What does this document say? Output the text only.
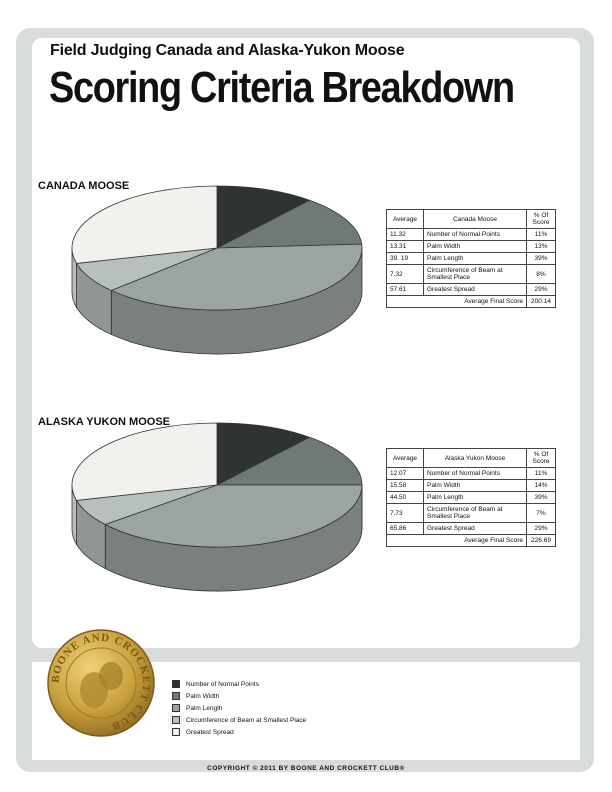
Field Judging Canada and Alaska-Yukon Moose
Scoring Criteria Breakdown
CANADA MOOSE
Average	Canada Moose	% Of Score
11.32	Number of Normal Points	11%
13.31	Palm Width	13%
39. 19	Palm Length	39%
7.32	Circumference of Beam at Smallest Place	8%
57.61	Greatest Spread	29%
Average Final Score		200.14
ALASKA YUKON MOOSE
Average	Alaska Yukon Moose	% Of Score
12.07	Number of Normal Points	11%
15.58	Palm Width	14%
44.50	Palm Length	39%
7.73	Circumference of Beam at Smallest Place	7%
65.86	Greatest Spread	29%
Average Final Score		226.69
BOONE AND CROCKETT CLUB
Number of Normal Points
Palm Width
Palm Length
Circumference of Beam at Smallest Place
Greatest Spread
COPYRIGHT © 2011 BY BOONE AND CROCKETT CLUB®
